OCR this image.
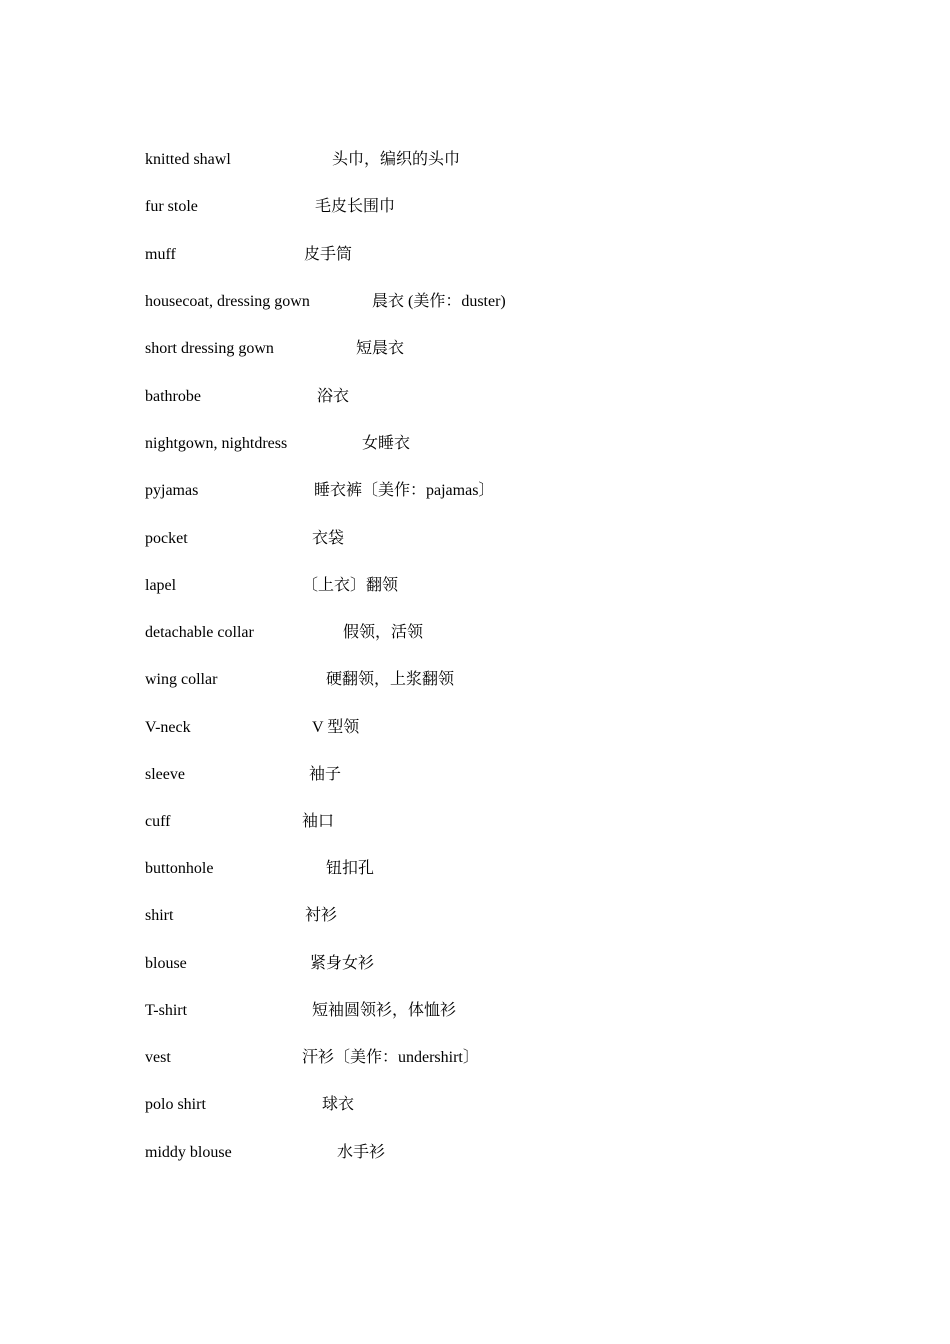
knitted shawl	头巾，编织的头巾
fur stole	毛皮长围巾
muff	皮手筒
housecoat, dressing gown	晨衣 (美作：duster)
short dressing gown	短晨衣
bathrobe	浴衣
nightgown, nightdress	女睡衣
pyjamas	睡衣裤〔美作：pajamas〕
pocket	衣袋
lapel	〔上衣〕翻领
detachable collar	假领，活领
wing collar	硬翻领，上浆翻领
V-neck	V 型领
sleeve	袖子
cuff	袖口
buttonhole	钮扣孔
shirt	衬衫
blouse	紧身女衫
T-shirt	短袖圆领衫，体恤衫
vest	汗衫〔美作：undershirt〕
polo shirt	球衣
middy blouse	水手衫
